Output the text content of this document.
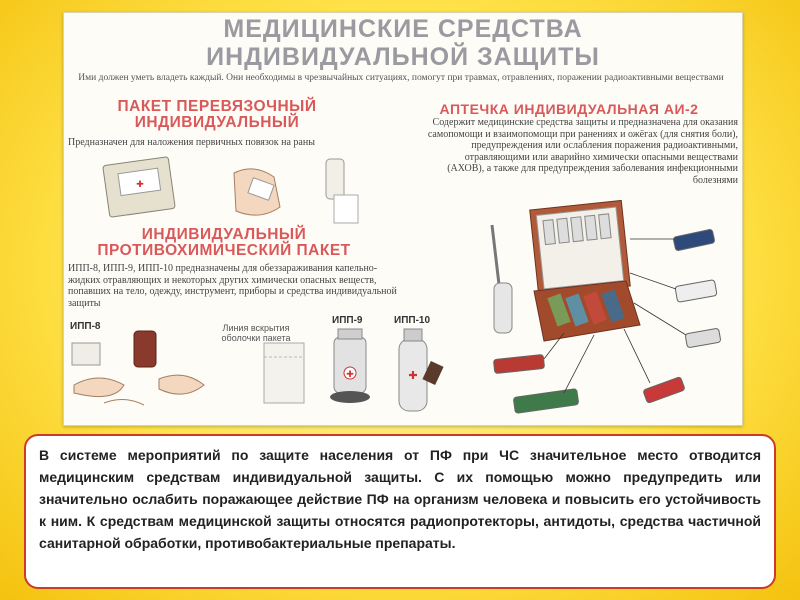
МЕДИЦИНСКИЕ СРЕДСТВА
ИНДИВИДУАЛЬНОЙ ЗАЩИТЫ
Ими должен уметь владеть каждый. Они необходимы в чрезвычайных ситуациях, помогут при травмах, отравлениях, поражении радиоактивными веществами
ПАКЕТ ПЕРЕВЯЗОЧНЫЙ ИНДИВИДУАЛЬНЫЙ
Предназначен для наложения первичных повязок на раны
АПТЕЧКА ИНДИВИДУАЛЬНАЯ АИ-2
Содержит медицинские средства защиты и предназначена для оказания самопомощи и взаимопомощи при ранениях и ожёгах (для снятия боли), предупреждения или ослабления поражения радиоактивными, отравляющими или аварийно химически опасными веществами (АХОВ), а также для предупреждения заболевания инфекционными болезнями
ИНДИВИДУАЛЬНЫЙ ПРОТИВОХИМИЧЕСКИЙ ПАКЕТ
ИПП-8, ИПП-9, ИПП-10 предназначены для обеззараживания капельно-жидких отравляющих и некоторых других химически опасных веществ, попавших на тело, одежду, инструмент, приборы и средства индивидуальной защиты
ИПП-8
ИПП-9	ИПП-10
Линия вскрытия оболочки пакета
✚
✚	✚

В системе мероприятий по защите населения от ПФ при ЧС значительное место отводится медицинским средствам индивидуальной защиты. С их помощью можно предупредить или значительно ослабить поражающее действие ПФ на организм человека и повысить его устойчивость к ним. К средствам медицинской защиты относятся радиопротекторы, антидоты, средства частичной санитарной обработки, противобактериальные препараты.
